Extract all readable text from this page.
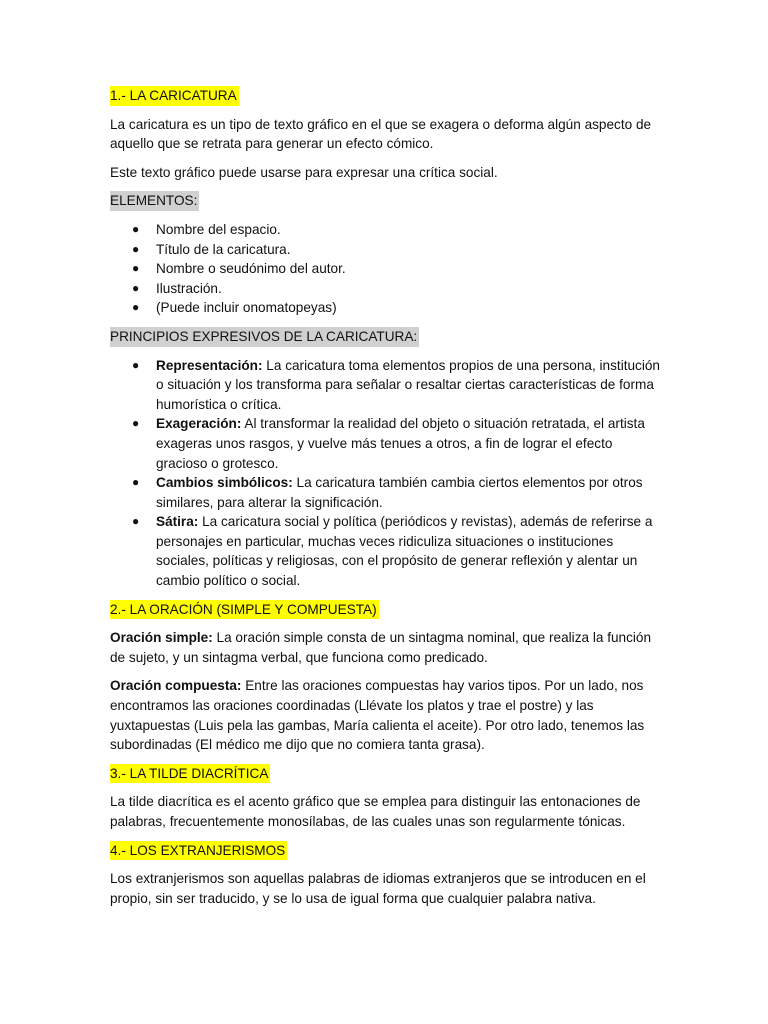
1.- LA CARICATURA

La caricatura es un tipo de texto gráfico en el que se exagera o deforma algún aspecto de aquello que se retrata para generar un efecto cómico.

Este texto gráfico puede usarse para expresar una crítica social.

ELEMENTOS:
● Nombre del espacio.
● Título de la caricatura.
● Nombre o seudónimo del autor.
● Ilustración.
● (Puede incluir onomatopeyas)
PRINCIPIOS EXPRESIVOS DE LA CARICATURA:
● Representación: La caricatura toma elementos propios de una persona, institución o situación y los transforma para señalar o resaltar ciertas características de forma humorística o crítica.
● Exageración: Al transformar la realidad del objeto o situación retratada, el artista exageras unos rasgos, y vuelve más tenues a otros, a fin de lograr el efecto gracioso o grotesco.
● Cambios simbólicos: La caricatura también cambia ciertos elementos por otros similares, para alterar la significación.
● Sátira: La caricatura social y política (periódicos y revistas), además de referirse a personajes en particular, muchas veces ridiculiza situaciones o instituciones sociales, políticas y religiosas, con el propósito de generar reflexión y alentar un cambio político o social.
2.- LA ORACIÓN (SIMPLE Y COMPUESTA)

Oración simple: La oración simple consta de un sintagma nominal, que realiza la función de sujeto, y un sintagma verbal, que funciona como predicado.

Oración compuesta: Entre las oraciones compuestas hay varios tipos. Por un lado, nos encontramos las oraciones coordinadas (Llévate los platos y trae el postre) y las yuxtapuestas (Luis pela las gambas, María calienta el aceite). Por otro lado, tenemos las subordinadas (El médico me dijo que no comiera tanta grasa).

3.- LA TILDE DIACRÍTICA

La tilde diacrítica es el acento gráfico que se emplea para distinguir las entonaciones de palabras, frecuentemente monosílabas, de las cuales unas son regularmente tónicas.

4.- LOS EXTRANJERISMOS

Los extranjerismos son aquellas palabras de idiomas extranjeros que se introducen en el propio, sin ser traducido, y se lo usa de igual forma que cualquier palabra nativa.
